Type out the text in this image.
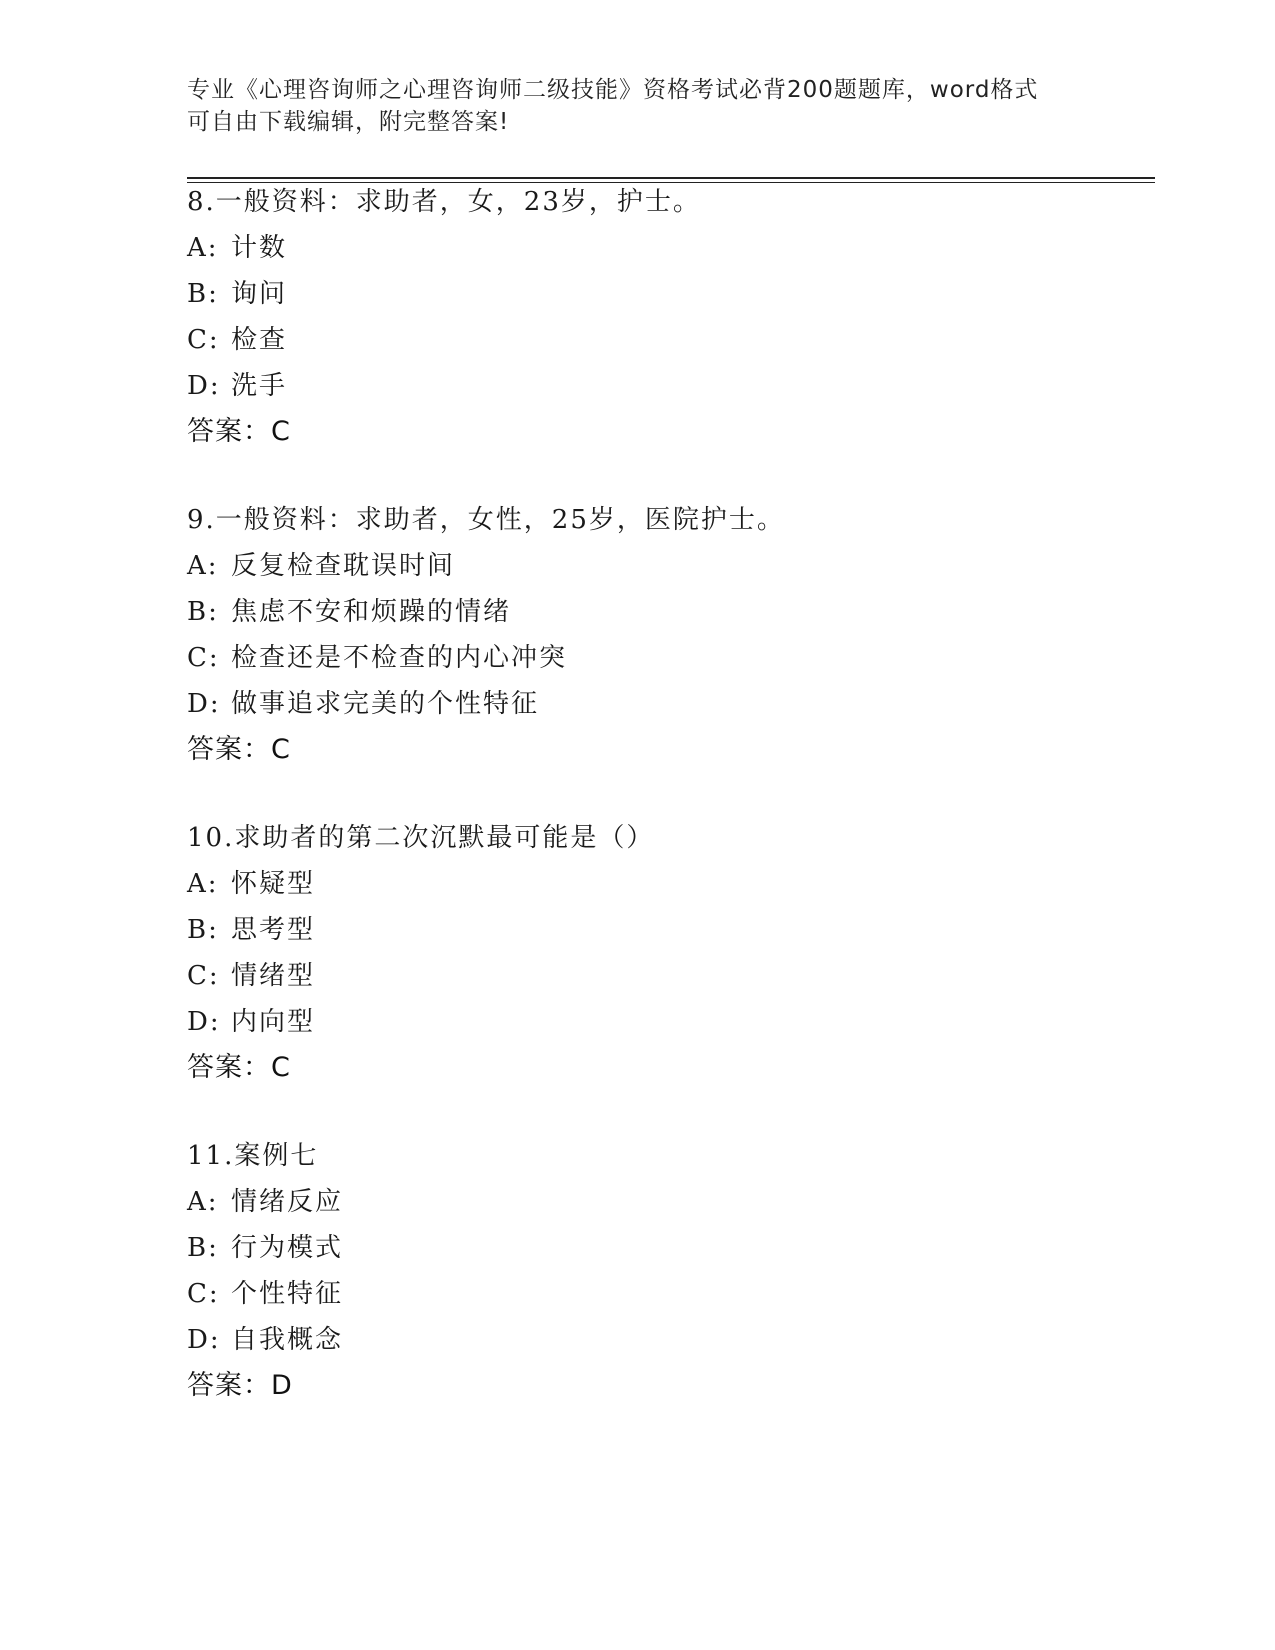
专业《心理咨询师之心理咨询师二级技能》资格考试必背200题题库，word格式
可自由下载编辑，附完整答案!
8.一般资料：求助者，女，23岁，护士。
A: 计数
B: 询问
C: 检查
D: 洗手
答案：C
9.一般资料：求助者，女性，25岁，医院护士。
A: 反复检查耽误时间
B: 焦虑不安和烦躁的情绪
C: 检查还是不检查的内心冲突
D: 做事追求完美的个性特征
答案：C
10.求助者的第二次沉默最可能是（）
A: 怀疑型
B: 思考型
C: 情绪型
D: 内向型
答案：C
11.案例七
A: 情绪反应
B: 行为模式
C: 个性特征
D: 自我概念
答案：D
